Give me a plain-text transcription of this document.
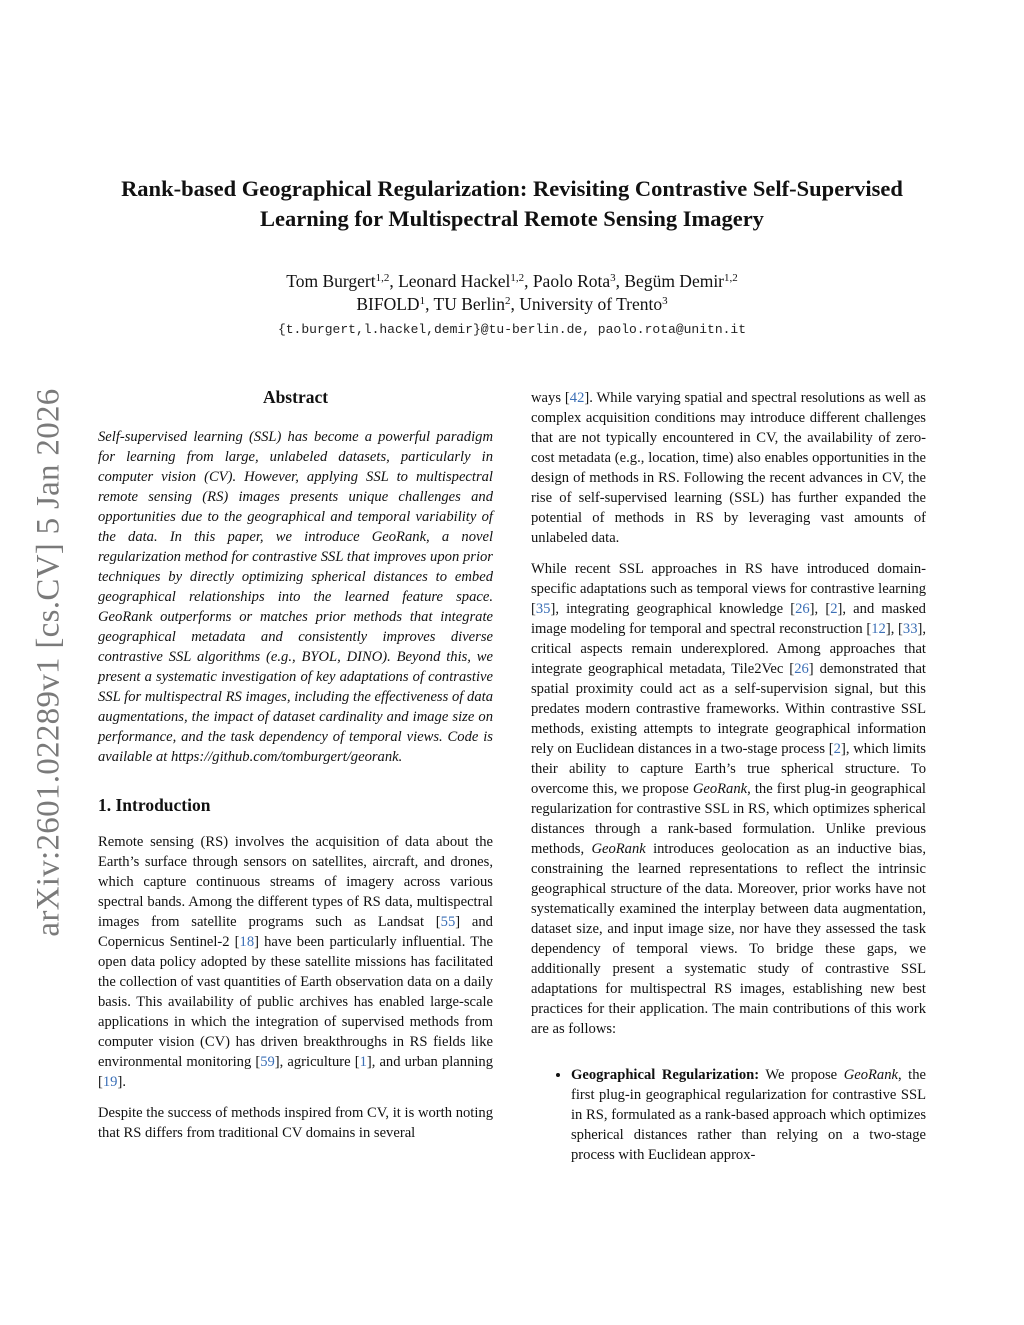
arXiv:2601.02289v1 [cs.CV] 5 Jan 2026
Rank-based Geographical Regularization: Revisiting Contrastive Self-Supervised
Learning for Multispectral Remote Sensing Imagery
Tom Burgert$^{1,2}$, Leonard Hackel$^{1,2}$, Paolo Rota$^3$, Begüm Demir$^{1,2}$
BIFOLD$^1$, TU Berlin$^2$, University of Trento$^3$
{t.burgert,l.hackel,demir}@tu-berlin.de, paolo.rota@unitn.it
Abstract

Self-supervised learning (SSL) has become a powerful paradigm for learning from large, unlabeled datasets, particularly in computer vision (CV). However, applying SSL to multispectral remote sensing (RS) images presents unique challenges and opportunities due to the geographical and temporal variability of the data. In this paper, we introduce GeoRank, a novel regularization method for contrastive SSL that improves upon prior techniques by directly optimizing spherical distances to embed geographical relationships into the learned feature space. GeoRank outperforms or matches prior methods that integrate geographical metadata and consistently improves diverse contrastive SSL algorithms (e.g., BYOL, DINO). Beyond this, we present a systematic investigation of key adaptations of contrastive SSL for multispectral RS images, including the effectiveness of data augmentations, the impact of dataset cardinality and image size on performance, and the task dependency of temporal views. Code is available at https://github.com/tomburgert/georank.

1. Introduction

Remote sensing (RS) involves the acquisition of data about the Earth’s surface through sensors on satellites, aircraft, and drones, which capture continuous streams of imagery across various spectral bands. Among the different types of RS data, multispectral images from satellite programs such as Landsat [55] and Copernicus Sentinel-2 [18] have been particularly influential. The open data policy adopted by these satellite missions has facilitated the collection of vast quantities of Earth observation data on a daily basis. This availability of public archives has enabled large-scale applications in which the integration of supervised methods from computer vision (CV) has driven breakthroughs in RS fields like environmental monitoring [59], agriculture [1], and urban planning [19].

Despite the success of methods inspired from CV, it is worth noting that RS differs from traditional CV domains in several

ways [42]. While varying spatial and spectral resolutions as well as complex acquisition conditions may introduce different challenges that are not typically encountered in CV, the availability of zero-cost metadata (e.g., location, time) also enables opportunities in the design of methods in RS. Following the recent advances in CV, the rise of self-supervised learning (SSL) has further expanded the potential of methods in RS by leveraging vast amounts of unlabeled data.

While recent SSL approaches in RS have introduced domain-specific adaptations such as temporal views for contrastive learning [35], integrating geographical knowledge [26], [2], and masked image modeling for temporal and spectral reconstruction [12], [33], critical aspects remain underexplored. Among approaches that integrate geographical metadata, Tile2Vec [26] demonstrated that spatial proximity could act as a self-supervision signal, but this predates modern contrastive frameworks. Within contrastive SSL methods, existing attempts to integrate geographical information rely on Euclidean distances in a two-stage process [2], which limits their ability to capture Earth’s true spherical structure. To overcome this, we propose GeoRank, the first plug-in geographical regularization for contrastive SSL in RS, which optimizes spherical distances through a rank-based formulation. Unlike previous methods, GeoRank introduces geolocation as an inductive bias, constraining the learned representations to reflect the intrinsic geographical structure of the data. Moreover, prior works have not systematically examined the interplay between data augmentation, dataset size, and input image size, nor have they assessed the task dependency of temporal views. To bridge these gaps, we additionally present a systematic study of contrastive SSL adaptations for multispectral RS images, establishing new best practices for their application. The main contributions of this work are as follows:

• Geographical Regularization: We propose GeoRank, the first plug-in geographical regularization for contrastive SSL in RS, formulated as a rank-based approach which optimizes spherical distances rather than relying on a two-stage process with Euclidean approx-
